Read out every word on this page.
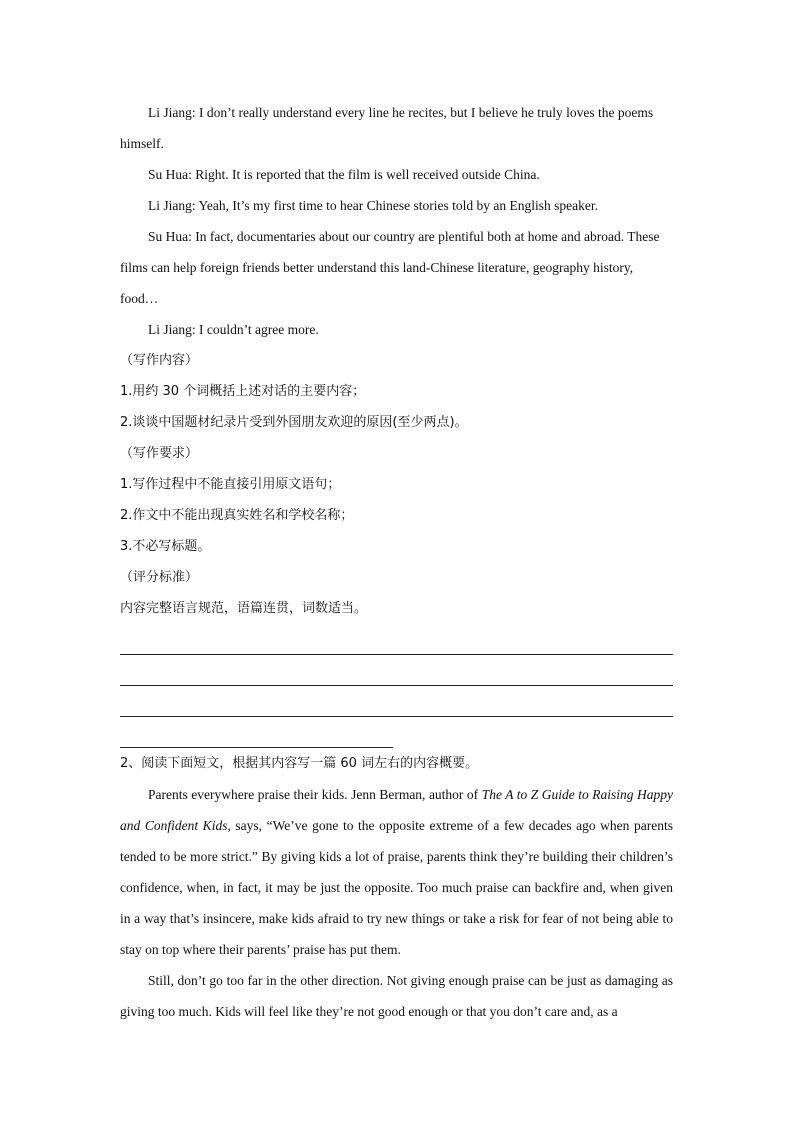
Li Jiang: I don’t really understand every line he recites, but I believe he truly loves the poems himself.

Su Hua: Right. It is reported that the film is well received outside China.

Li Jiang: Yeah, It’s my first time to hear Chinese stories told by an English speaker.

Su Hua: In fact, documentaries about our country are plentiful both at home and abroad. These films can help foreign friends better understand this land-Chinese literature, geography history, food…

Li Jiang: I couldn’t agree more.

（写作内容）

1.用约 30 个词概括上述对话的主要内容；

2.谈谈中国题材纪录片受到外国朋友欢迎的原因(至少两点)。

（写作要求）

1.写作过程中不能直接引用原文语句；

2.作文中不能出现真实姓名和学校名称；

3.不必写标题。

（评分标准）

内容完整语言规范，语篇连贯，词数适当。

2、阅读下面短文，根据其内容写一篇 60 词左右的内容概要。

Parents everywhere praise their kids. Jenn Berman, author of The A to Z Guide to Raising Happy and Confident Kids, says, “We’ve gone to the opposite extreme of a few decades ago when parents tended to be more strict.” By giving kids a lot of praise, parents think they’re building their children’s confidence, when, in fact, it may be just the opposite. Too much praise can backfire and, when given in a way that’s insincere, make kids afraid to try new things or take a risk for fear of not being able to stay on top where their parents’ praise has put them.

Still, don’t go too far in the other direction. Not giving enough praise can be just as damaging as giving too much. Kids will feel like they’re not good enough or that you don’t care and, as a
